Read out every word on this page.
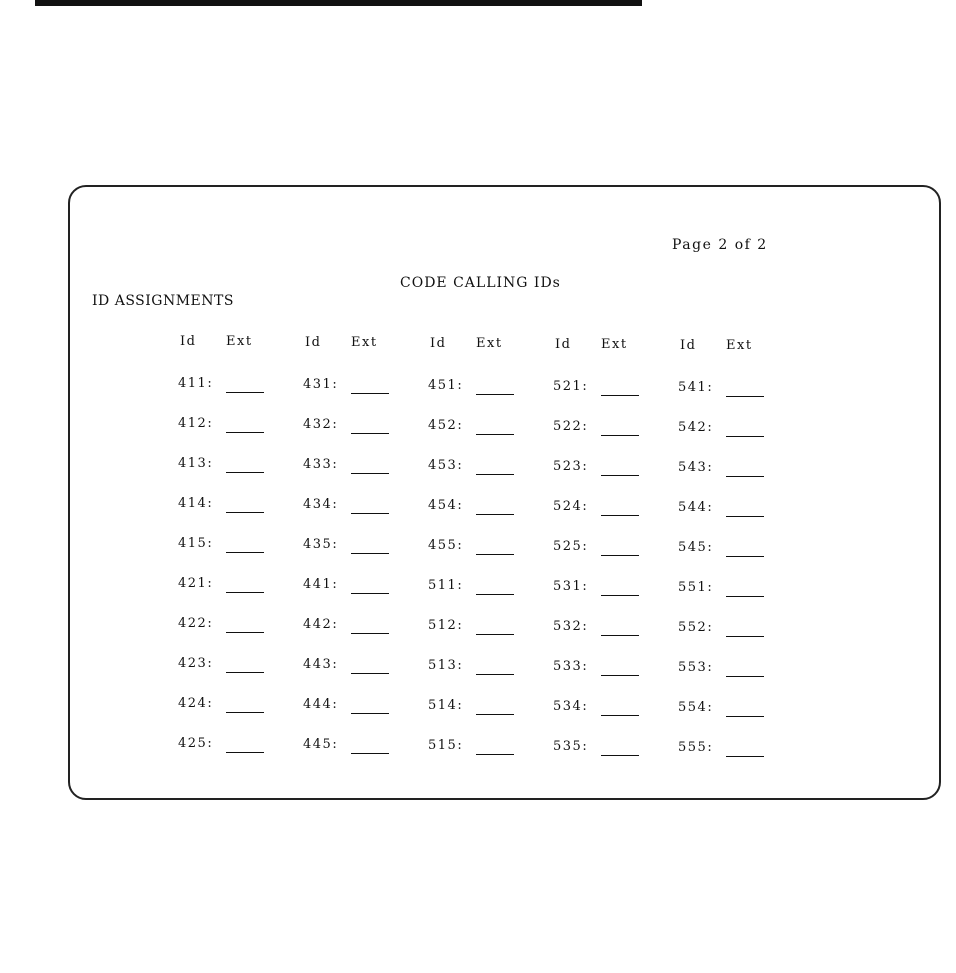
Page 2 of 2
CODE CALLING IDs
ID ASSIGNMENTS
Id Ext
411:
412:
413:
414:
415:
421:
422:
423:
424:
425:
Id Ext
431:
432:
433:
434:
435:
441:
442:
443:
444:
445:
Id Ext
451:
452:
453:
454:
455:
511:
512:
513:
514:
515:
Id Ext
521:
522:
523:
524:
525:
531:
532:
533:
534:
535:
Id Ext
541:
542:
543:
544:
545:
551:
552:
553:
554:
555:
